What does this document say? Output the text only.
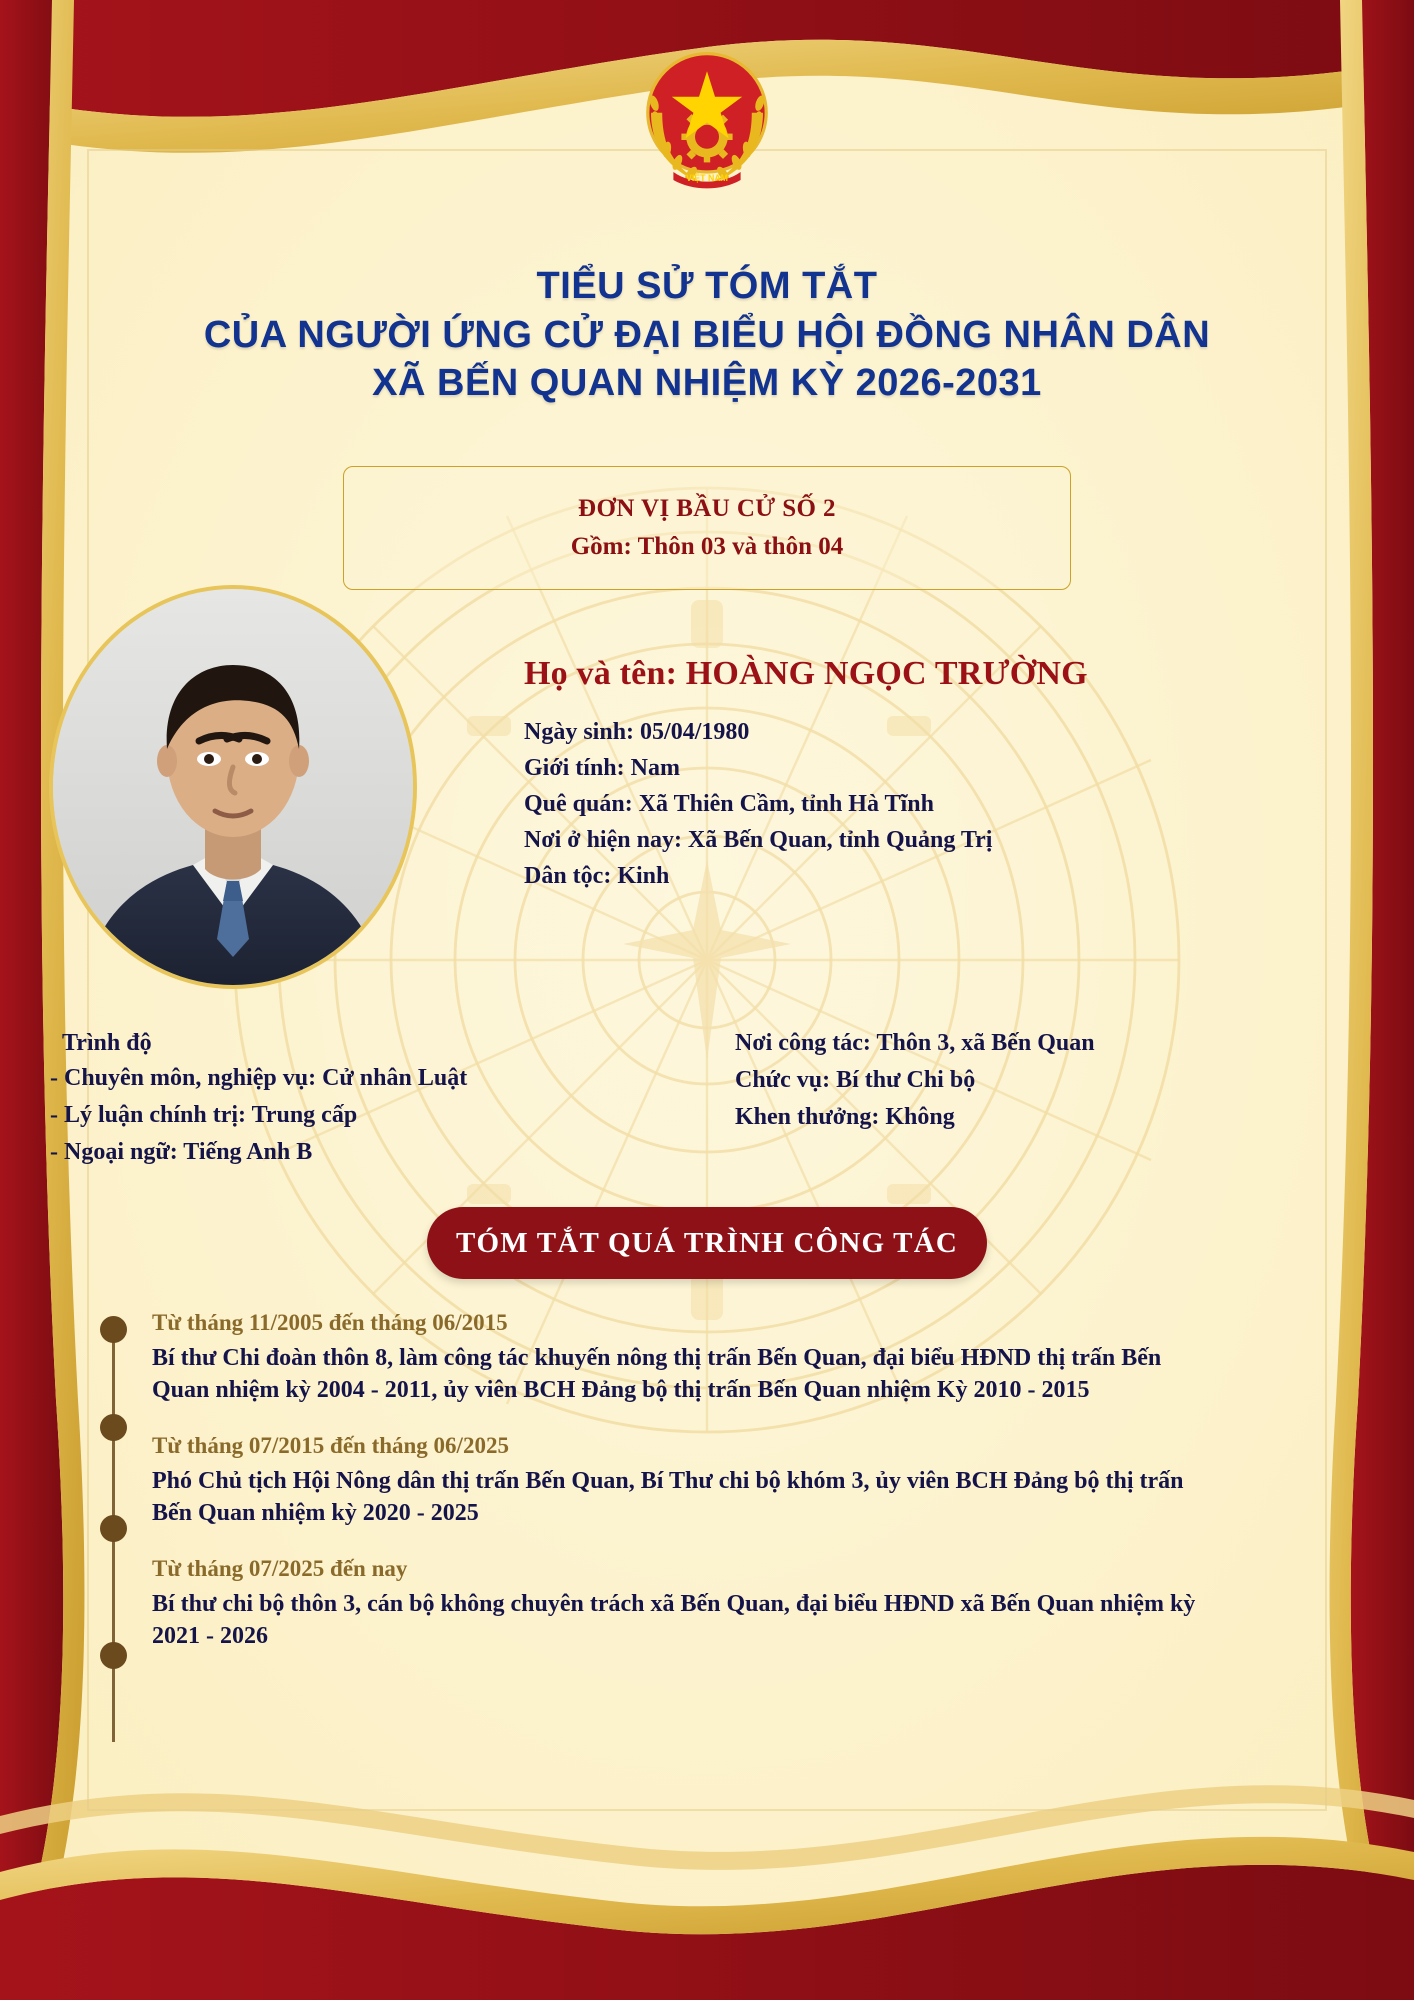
VIỆT NAM
TIỂU SỬ TÓM TẮT
CỦA NGƯỜI ỨNG CỬ ĐẠI BIỂU HỘI ĐỒNG NHÂN DÂN
XÃ BẾN QUAN NHIỆM KỲ 2026-2031
ĐƠN VỊ BẦU CỬ SỐ 2
Gồm: Thôn 03 và thôn 04
Họ và tên: HOÀNG NGỌC TRƯỜNG

Ngày sinh: 05/04/1980

Giới tính: Nam

Quê quán: Xã Thiên Cầm, tỉnh Hà Tĩnh

Nơi ở hiện nay: Xã Bến Quan, tỉnh Quảng Trị

Dân tộc: Kinh

Trình độ

- Chuyên môn, nghiệp vụ: Cử nhân Luật

- Lý luận chính trị: Trung cấp

- Ngoại ngữ: Tiếng Anh B

Nơi công tác: Thôn 3, xã Bến Quan

Chức vụ: Bí thư Chi bộ

Khen thưởng: Không

TÓM TẮT QUÁ TRÌNH CÔNG TÁC
Từ tháng 11/2005 đến tháng 06/2015
Bí thư Chi đoàn thôn 8, làm công tác khuyến nông thị trấn Bến Quan, đại biểu HĐND thị trấn Bến Quan nhiệm kỳ 2004 - 2011, ủy viên BCH Đảng bộ thị trấn Bến Quan nhiệm Kỳ 2010 - 2015
Từ tháng 07/2015 đến tháng 06/2025
Phó Chủ tịch Hội Nông dân thị trấn Bến Quan, Bí Thư chi bộ khóm 3, ủy viên BCH Đảng bộ thị trấn Bến Quan nhiệm kỳ 2020 - 2025
Từ tháng 07/2025 đến nay
Bí thư chi bộ thôn 3, cán bộ không chuyên trách xã Bến Quan, đại biểu HĐND xã Bến Quan nhiệm kỳ 2021 - 2026
